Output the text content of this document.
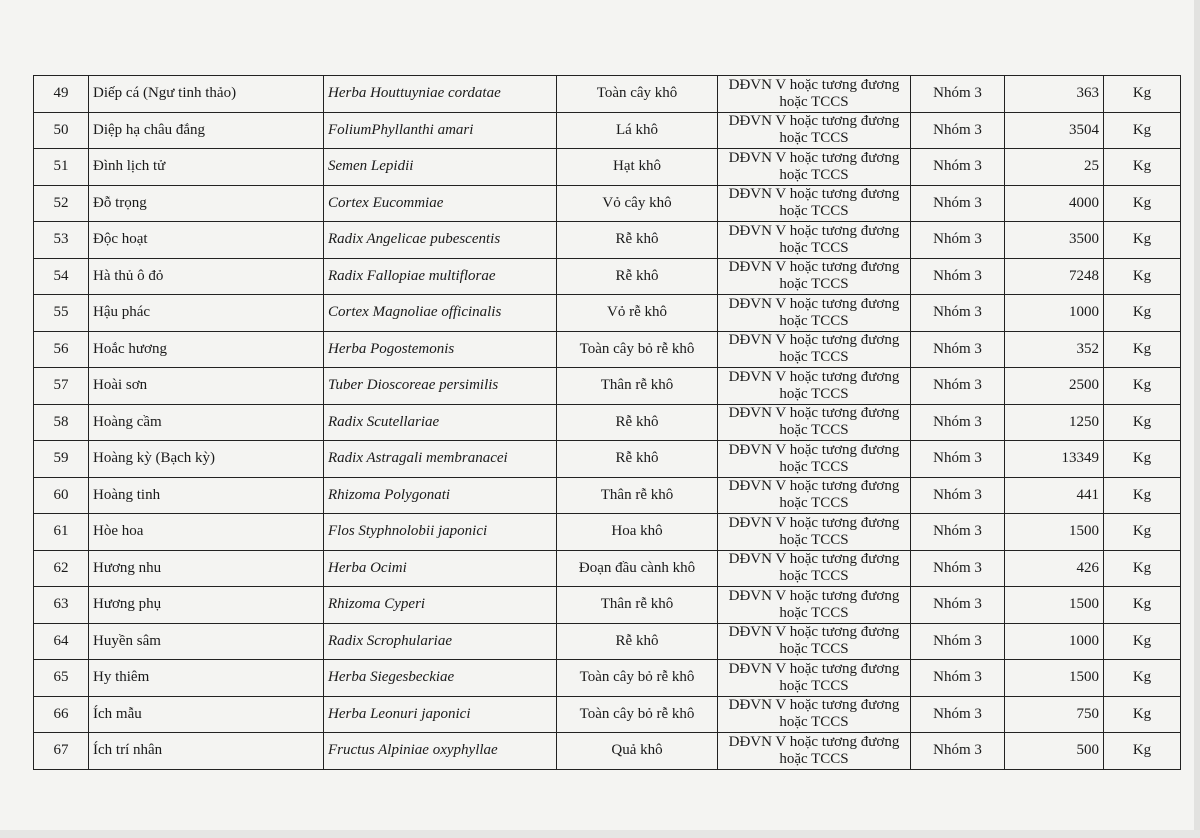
49	Diếp cá (Ngư tinh thảo)	Herba Houttuyniae cordatae	Toàn cây khô	DĐVN V hoặc tương đương hoặc TCCS	Nhóm 3	363	Kg
50	Diệp hạ châu đắng	FoliumPhyllanthi amari	Lá khô	DĐVN V hoặc tương đương hoặc TCCS	Nhóm 3	3504	Kg
51	Đình lịch tử	Semen Lepidii	Hạt khô	DĐVN V hoặc tương đương hoặc TCCS	Nhóm 3	25	Kg
52	Đỗ trọng	Cortex Eucommiae	Vỏ cây khô	DĐVN V hoặc tương đương hoặc TCCS	Nhóm 3	4000	Kg
53	Độc hoạt	Radix Angelicae pubescentis	Rễ khô	DĐVN V hoặc tương đương hoặc TCCS	Nhóm 3	3500	Kg
54	Hà thủ ô đỏ	Radix Fallopiae multiflorae	Rễ khô	DĐVN V hoặc tương đương hoặc TCCS	Nhóm 3	7248	Kg
55	Hậu phác	Cortex Magnoliae officinalis	Vỏ rễ khô	DĐVN V hoặc tương đương hoặc TCCS	Nhóm 3	1000	Kg
56	Hoắc hương	Herba Pogostemonis	Toàn cây bỏ rễ khô	DĐVN V hoặc tương đương hoặc TCCS	Nhóm 3	352	Kg
57	Hoài sơn	Tuber Dioscoreae persimilis	Thân rễ khô	DĐVN V hoặc tương đương hoặc TCCS	Nhóm 3	2500	Kg
58	Hoàng cầm	Radix Scutellariae	Rễ khô	DĐVN V hoặc tương đương hoặc TCCS	Nhóm 3	1250	Kg
59	Hoàng kỳ (Bạch kỳ)	Radix Astragali membranacei	Rễ khô	DĐVN V hoặc tương đương hoặc TCCS	Nhóm 3	13349	Kg
60	Hoàng tinh	Rhizoma Polygonati	Thân rễ khô	DĐVN V hoặc tương đương hoặc TCCS	Nhóm 3	441	Kg
61	Hòe hoa	Flos Styphnolobii japonici	Hoa khô	DĐVN V hoặc tương đương hoặc TCCS	Nhóm 3	1500	Kg
62	Hương nhu	Herba Ocimi	Đoạn đầu cành khô	DĐVN V hoặc tương đương hoặc TCCS	Nhóm 3	426	Kg
63	Hương phụ	Rhizoma Cyperi	Thân rễ khô	DĐVN V hoặc tương đương hoặc TCCS	Nhóm 3	1500	Kg
64	Huyền sâm	Radix Scrophulariae	Rễ khô	DĐVN V hoặc tương đương hoặc TCCS	Nhóm 3	1000	Kg
65	Hy thiêm	Herba Siegesbeckiae	Toàn cây bỏ rễ khô	DĐVN V hoặc tương đương hoặc TCCS	Nhóm 3	1500	Kg
66	Ích mẫu	Herba Leonuri japonici	Toàn cây bỏ rễ khô	DĐVN V hoặc tương đương hoặc TCCS	Nhóm 3	750	Kg
67	Ích trí nhân	Fructus Alpiniae oxyphyllae	Quả khô	DĐVN V hoặc tương đương hoặc TCCS	Nhóm 3	500	Kg
